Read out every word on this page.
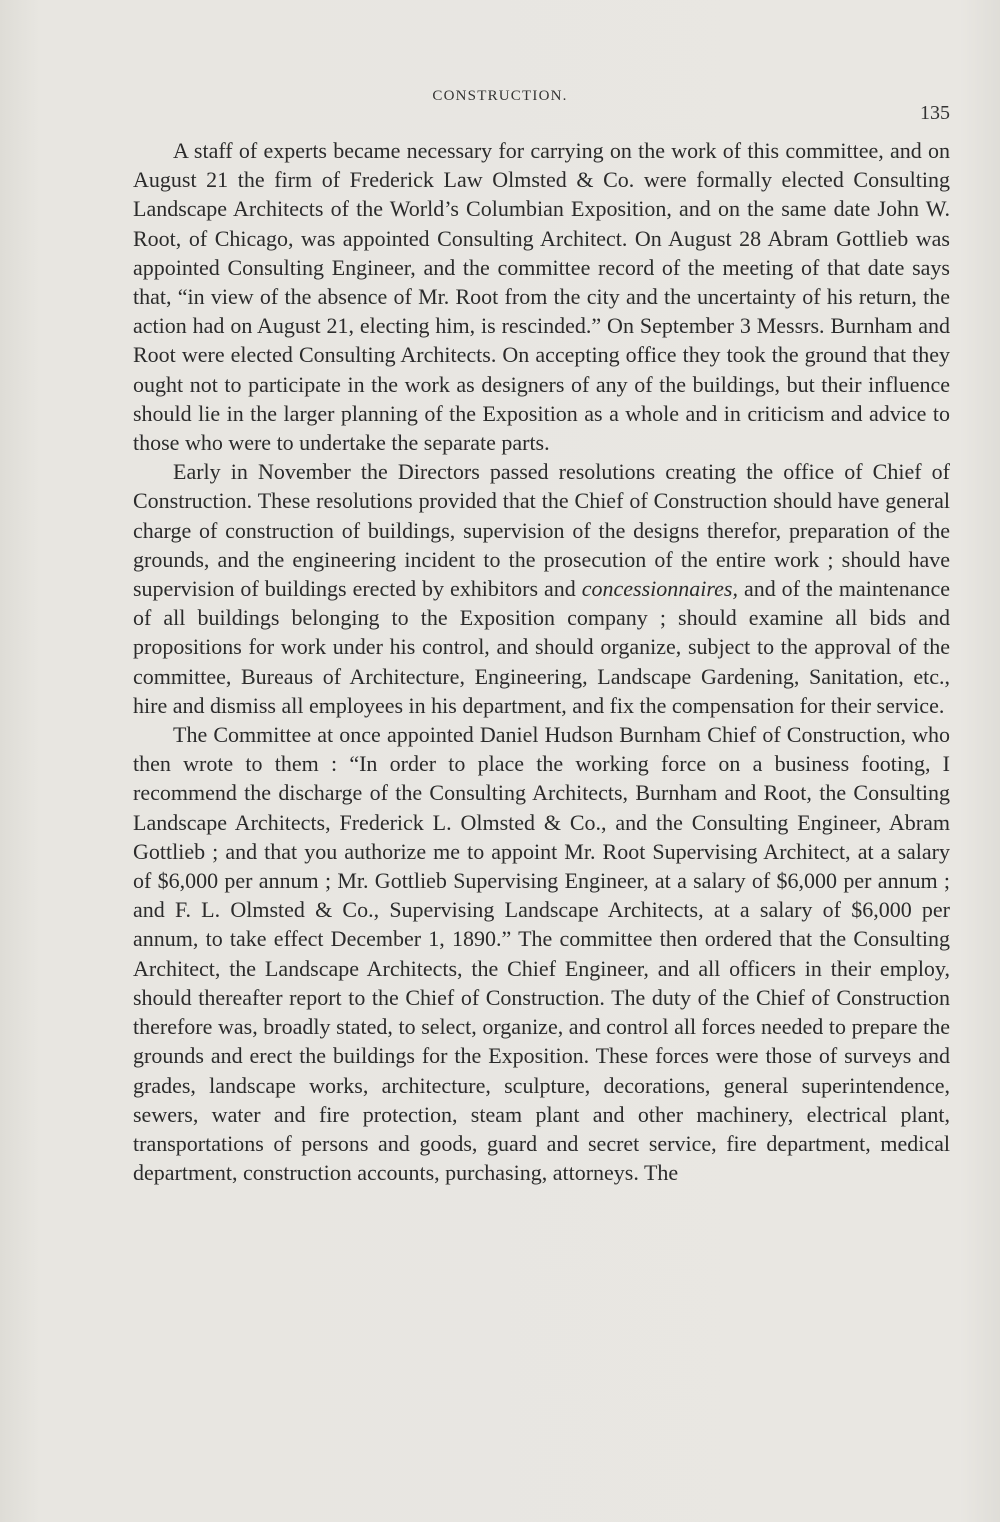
CONSTRUCTION.
135

A staff of experts became necessary for carrying on the work of this committee, and on August 21 the firm of Frederick Law Olmsted & Co. were formally elected Consulting Landscape Architects of the World’s Columbian Exposition, and on the same date John W. Root, of Chicago, was appointed Consulting Architect. On August 28 Abram Gottlieb was appointed Consulting Engineer, and the committee record of the meeting of that date says that, “in view of the absence of Mr. Root from the city and the uncertainty of his return, the action had on August 21, electing him, is rescinded.” On September 3 Messrs. Burnham and Root were elected Consulting Architects. On accepting office they took the ground that they ought not to participate in the work as designers of any of the buildings, but their influence should lie in the larger planning of the Exposition as a whole and in criticism and advice to those who were to undertake the separate parts.

Early in November the Directors passed resolutions creating the office of Chief of Construction. These resolutions provided that the Chief of Construction should have general charge of construction of buildings, supervision of the designs therefor, preparation of the grounds, and the engineering incident to the prosecution of the entire work ; should have supervision of buildings erected by exhibitors and concessionnaires, and of the maintenance of all buildings belonging to the Exposition company ; should examine all bids and propositions for work under his control, and should organize, subject to the approval of the committee, Bureaus of Architecture, Engineering, Landscape Gardening, Sanitation, etc., hire and dismiss all employees in his department, and fix the compensation for their service.

The Committee at once appointed Daniel Hudson Burnham Chief of Construction, who then wrote to them : “In order to place the working force on a business footing, I recommend the discharge of the Consulting Architects, Burnham and Root, the Consulting Landscape Architects, Frederick L. Olmsted & Co., and the Consulting Engineer, Abram Gottlieb ; and that you authorize me to appoint Mr. Root Supervising Architect, at a salary of $6,000 per annum ; Mr. Gottlieb Supervising Engineer, at a salary of $6,000 per annum ; and F. L. Olmsted & Co., Supervising Landscape Architects, at a salary of $6,000 per annum, to take effect December 1, 1890.” The committee then ordered that the Consulting Architect, the Landscape Architects, the Chief Engineer, and all officers in their employ, should thereafter report to the Chief of Construction. The duty of the Chief of Construction therefore was, broadly stated, to select, organize, and control all forces needed to prepare the grounds and erect the buildings for the Exposition. These forces were those of surveys and grades, landscape works, architecture, sculpture, decorations, general superintendence, sewers, water and fire protection, steam plant and other machinery, electrical plant, transportations of persons and goods, guard and secret service, fire department, medical department, construction accounts, purchasing, attorneys. The
